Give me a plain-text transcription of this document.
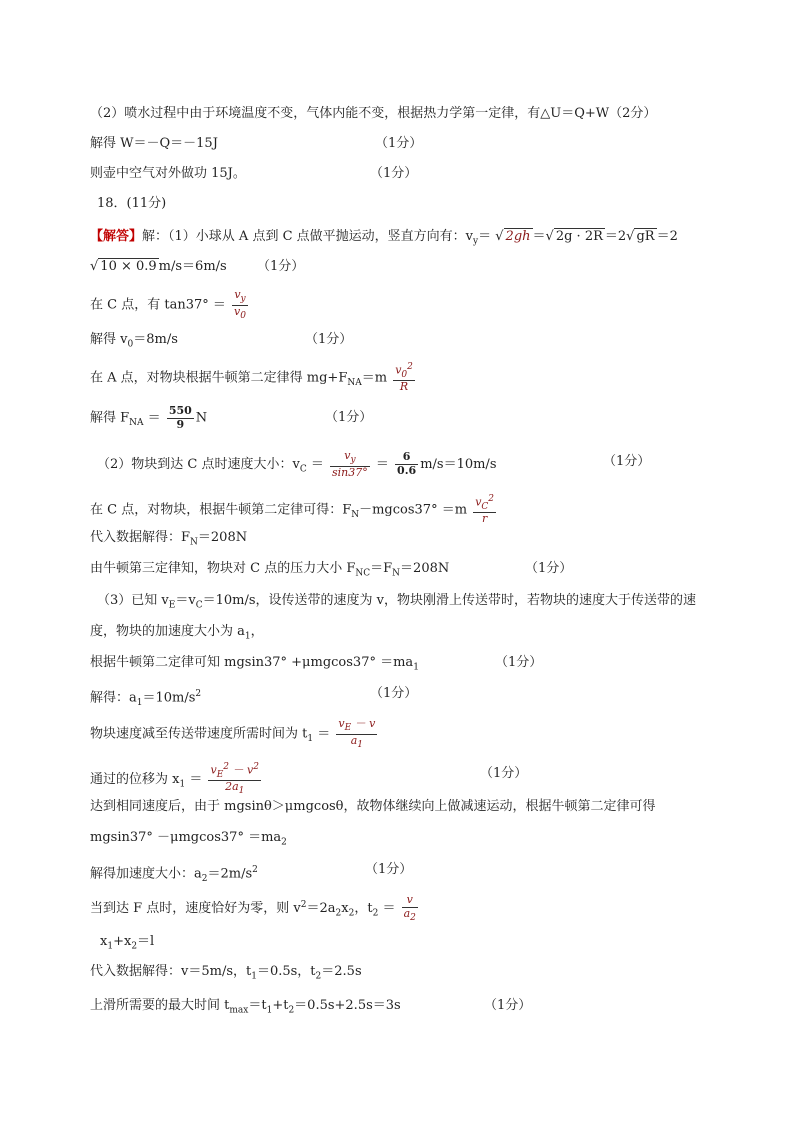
（2）喷水过程中由于环境温度不变，气体内能不变，根据热力学第一定律，有△U＝Q+W（2分）
解得 W＝－Q＝－15J	（1分）
则壶中空气对外做功 15J。	（1分）
18．(11分)
【解答】解：（1）小球从 A 点到 C 点做平抛运动，竖直方向有：$v_y=$ √ 2gh ＝√ 2g · 2R ＝2√ gR ＝2
√ 10 × 0.9 m/s＝6m/s （1分）
在 C 点，有 $\tan 37^\circ = \frac{v_y}{v_0}$
解得 $v_0=8m/s$	（1分）
在 A 点，对物块根据牛顿第二定律得 $mg+F_{NA}=m \frac{v_0^2}{R}$
解得 $F_{NA} = \frac{550}{9}$ N	（1分）
（2）物块到达 C 点时速度大小：$v_C = \frac{v_y}{\sin 37^\circ} = \frac{6}{0.6} m/s=10m/s$	（1分）
在 C 点，对物块，根据牛顿第二定律可得：$F_N-mgcos37^\circ =m \frac{v_C^2}{r}$
代入数据解得：$F_N=208N$
由牛顿第三定律知，物块对 C 点的压力大小 $F_{NC}=F_N=208N$	（1分）
（3）已知 $v_E=v_C=10m/s$，设传送带的速度为 v，物块刚滑上传送带时，若物块的速度大于传送带的速
度，物块的加速度大小为 $a_1$，
根据牛顿第二定律可知 $mgsin37^\circ +\mu mgcos37^\circ =ma_1$	（1分）
解得：$a_1=10m/s^2$	（1分）
物块速度减至传送带速度所需时间为 $t_1 = \frac{v_E - v}{a_1}$
通过的位移为 $x_1 = \frac{v_E^2 - v^2}{2a_1}$	（1分）
达到相同速度后，由于 mgsinθ＞μmgcosθ，故物体继续向上做减速运动，根据牛顿第二定律可得
$mgsin37^\circ -\mu mgcos37^\circ =ma_2$
解得加速度大小：$a_2=2m/s^2$	（1分）
当到达 F 点时，速度恰好为零，则 $v^2=2a_2x_2$，$t_2 = \frac{v}{a_2}$
$x_1+x_2=l$
代入数据解得：v＝5m/s，$t_1=0.5s$，$t_2=2.5s$
上滑所需要的最大时间 $t_{max}=t_1+t_2=0.5s+2.5s=3s$	（1分）
